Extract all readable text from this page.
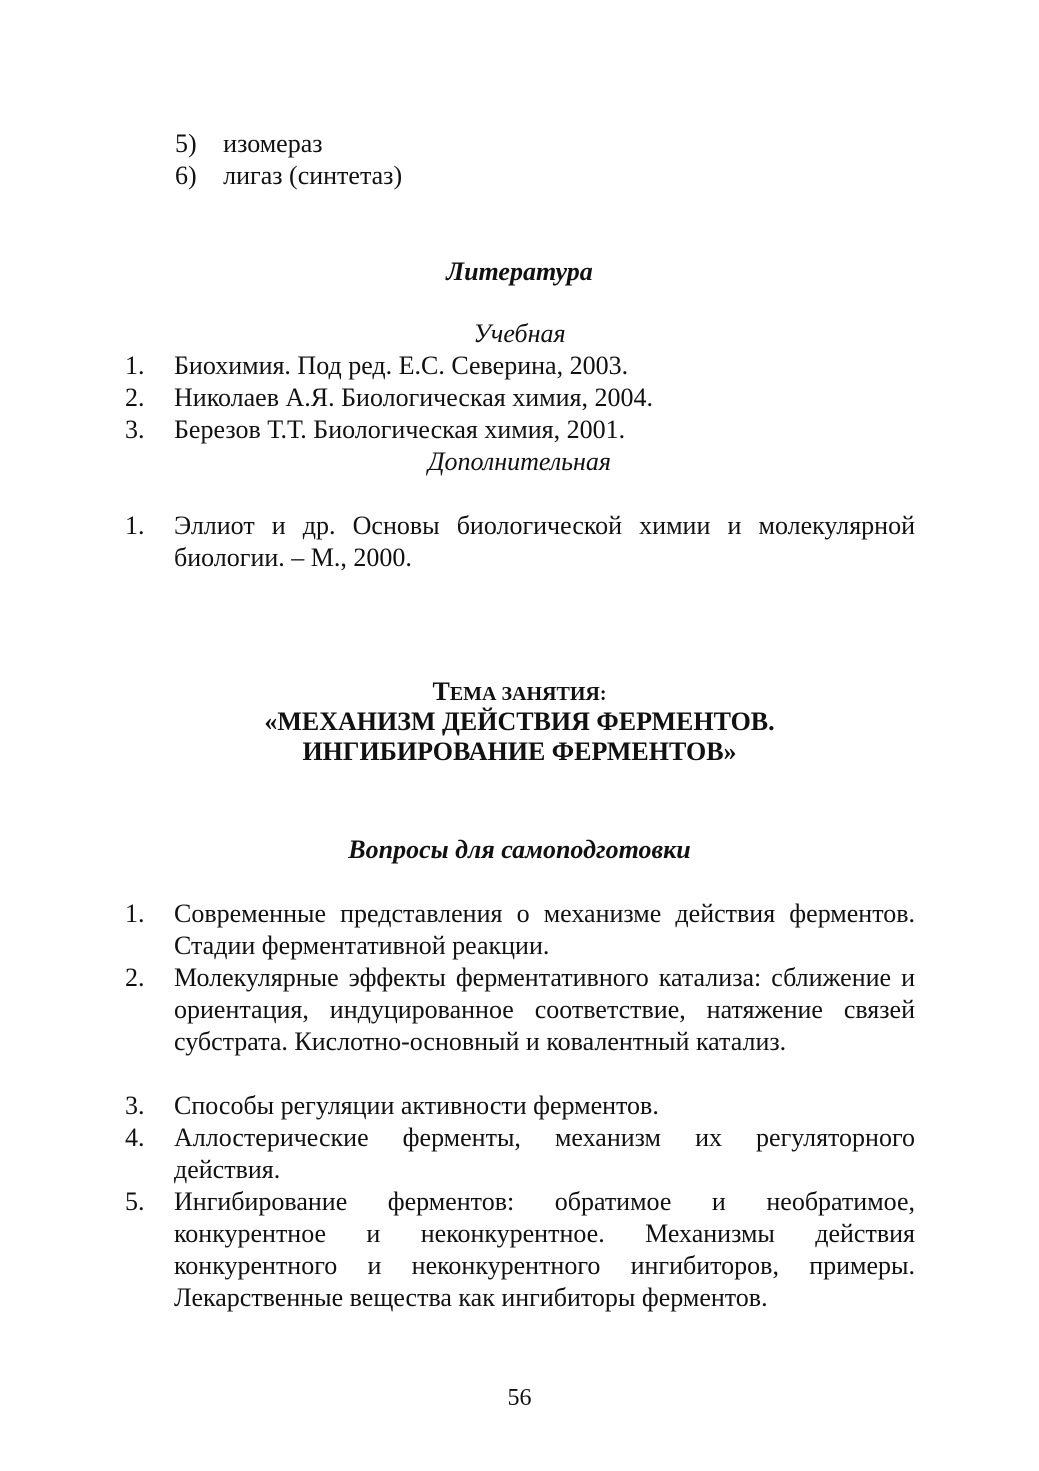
5) изомераз
6) лигаз (синтетаз)
Литература
Учебная
1. Биохимия. Под ред. Е.С. Северина, 2003.
2. Николаев А.Я. Биологическая химия, 2004.
3. Березов Т.Т. Биологическая химия, 2001.
Дополнительная
1. Эллиот и др. Основы биологической химии и молекулярной биологии. – М., 2000.
ТЕМА ЗАНЯТИЯ:
«МЕХАНИЗМ ДЕЙСТВИЯ ФЕРМЕНТОВ.
ИНГИБИРОВАНИЕ ФЕРМЕНТОВ»
Вопросы для самоподготовки
1. Современные представления о механизме действия ферментов. Стадии ферментативной реакции.
2. Молекулярные эффекты ферментативного катализа: сближение и ориентация, индуцированное соответствие, натяжение связей субстрата. Кислотно-основный и ковалентный катализ.
3. Способы регуляции активности ферментов.
4. Аллостерические ферменты, механизм их регуляторного действия.
5. Ингибирование ферментов: обратимое и необратимое, конкурентное и неконкурентное. Механизмы действия конкурентного и неконкурентного ингибиторов, примеры. Лекарственные вещества как ингибиторы ферментов.
56
